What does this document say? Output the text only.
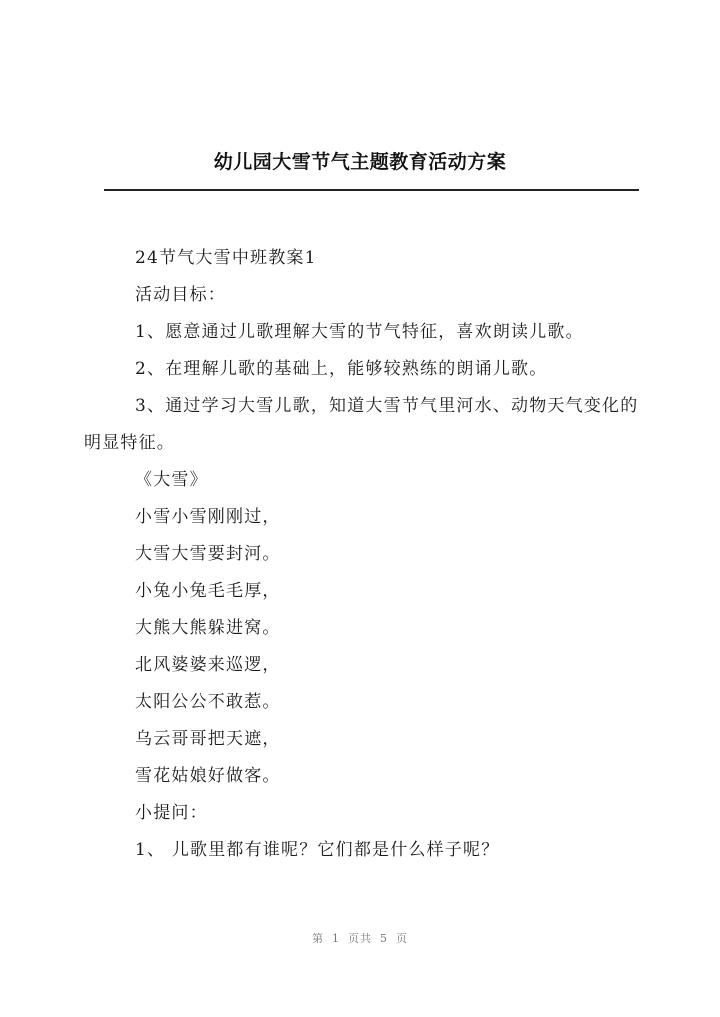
幼儿园大雪节气主题教育活动方案

24节气大雪中班教案1

活动目标：

1、愿意通过儿歌理解大雪的节气特征，喜欢朗读儿歌。

2、在理解儿歌的基础上，能够较熟练的朗诵儿歌。

3、通过学习大雪儿歌，知道大雪节气里河水、动物天气变化的明显特征。

《大雪》

小雪小雪刚刚过，

大雪大雪要封河。

小兔小兔毛毛厚，

大熊大熊躲进窝。

北风婆婆来巡逻，

太阳公公不敢惹。

乌云哥哥把天遮，

雪花姑娘好做客。

小提问：

1、 儿歌里都有谁呢？它们都是什么样子呢？

第 1 页共 5 页
